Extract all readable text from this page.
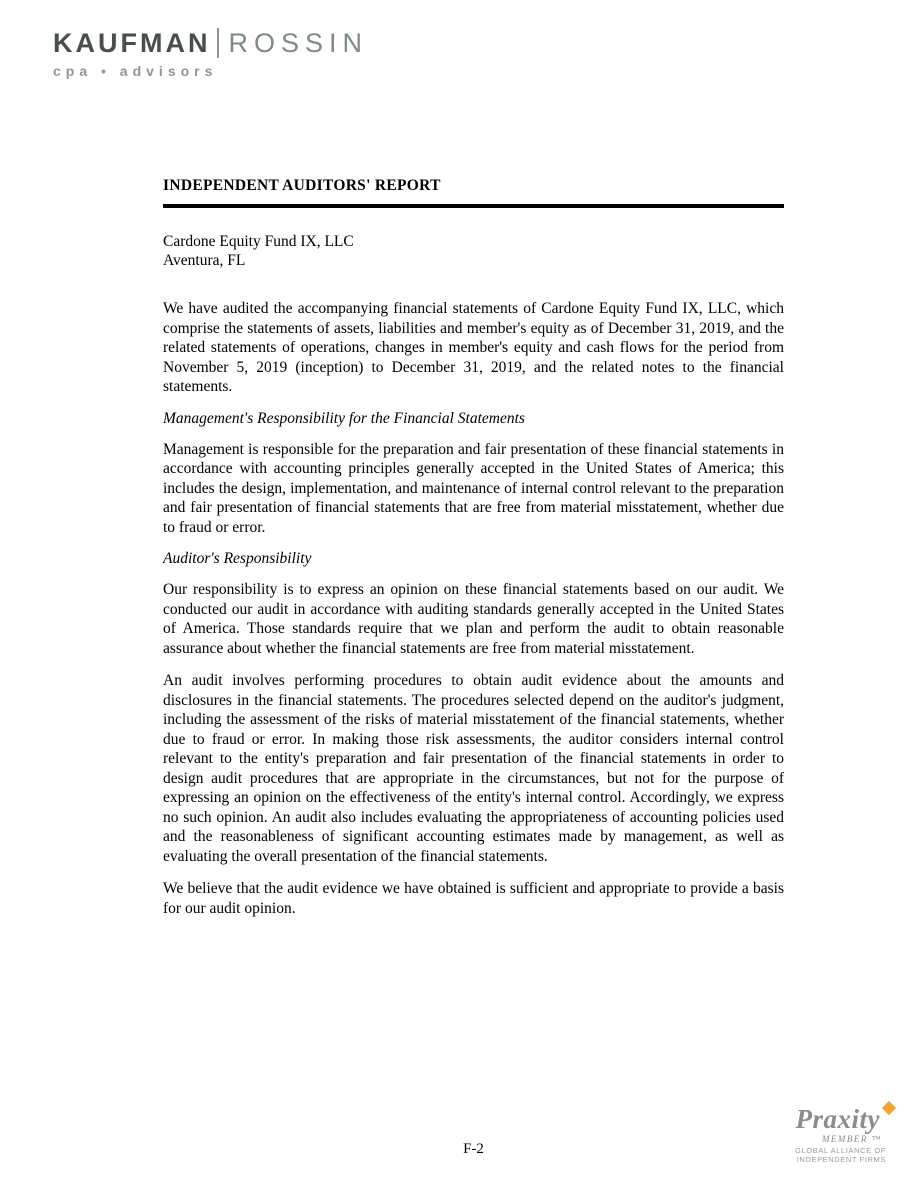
KAUFMAN ROSSIN
cpa • advisors
INDEPENDENT AUDITORS' REPORT
Cardone Equity Fund IX, LLC
Aventura, FL

We have audited the accompanying financial statements of Cardone Equity Fund IX, LLC, which comprise the statements of assets, liabilities and member's equity as of December 31, 2019, and the related statements of operations, changes in member's equity and cash flows for the period from November 5, 2019 (inception) to December 31, 2019, and the related notes to the financial statements.

Management's Responsibility for the Financial Statements

Management is responsible for the preparation and fair presentation of these financial statements in accordance with accounting principles generally accepted in the United States of America; this includes the design, implementation, and maintenance of internal control relevant to the preparation and fair presentation of financial statements that are free from material misstatement, whether due to fraud or error.

Auditor's Responsibility

Our responsibility is to express an opinion on these financial statements based on our audit. We conducted our audit in accordance with auditing standards generally accepted in the United States of America. Those standards require that we plan and perform the audit to obtain reasonable assurance about whether the financial statements are free from material misstatement.

An audit involves performing procedures to obtain audit evidence about the amounts and disclosures in the financial statements. The procedures selected depend on the auditor's judgment, including the assessment of the risks of material misstatement of the financial statements, whether due to fraud or error. In making those risk assessments, the auditor considers internal control relevant to the entity's preparation and fair presentation of the financial statements in order to design audit procedures that are appropriate in the circumstances, but not for the purpose of expressing an opinion on the effectiveness of the entity's internal control. Accordingly, we express no such opinion. An audit also includes evaluating the appropriateness of accounting policies used and the reasonableness of significant accounting estimates made by management, as well as evaluating the overall presentation of the financial statements.

We believe that the audit evidence we have obtained is sufficient and appropriate to provide a basis for our audit opinion.

F-2
Praxity
MEMBER ™
GLOBAL ALLIANCE OF
INDEPENDENT FIRMS
